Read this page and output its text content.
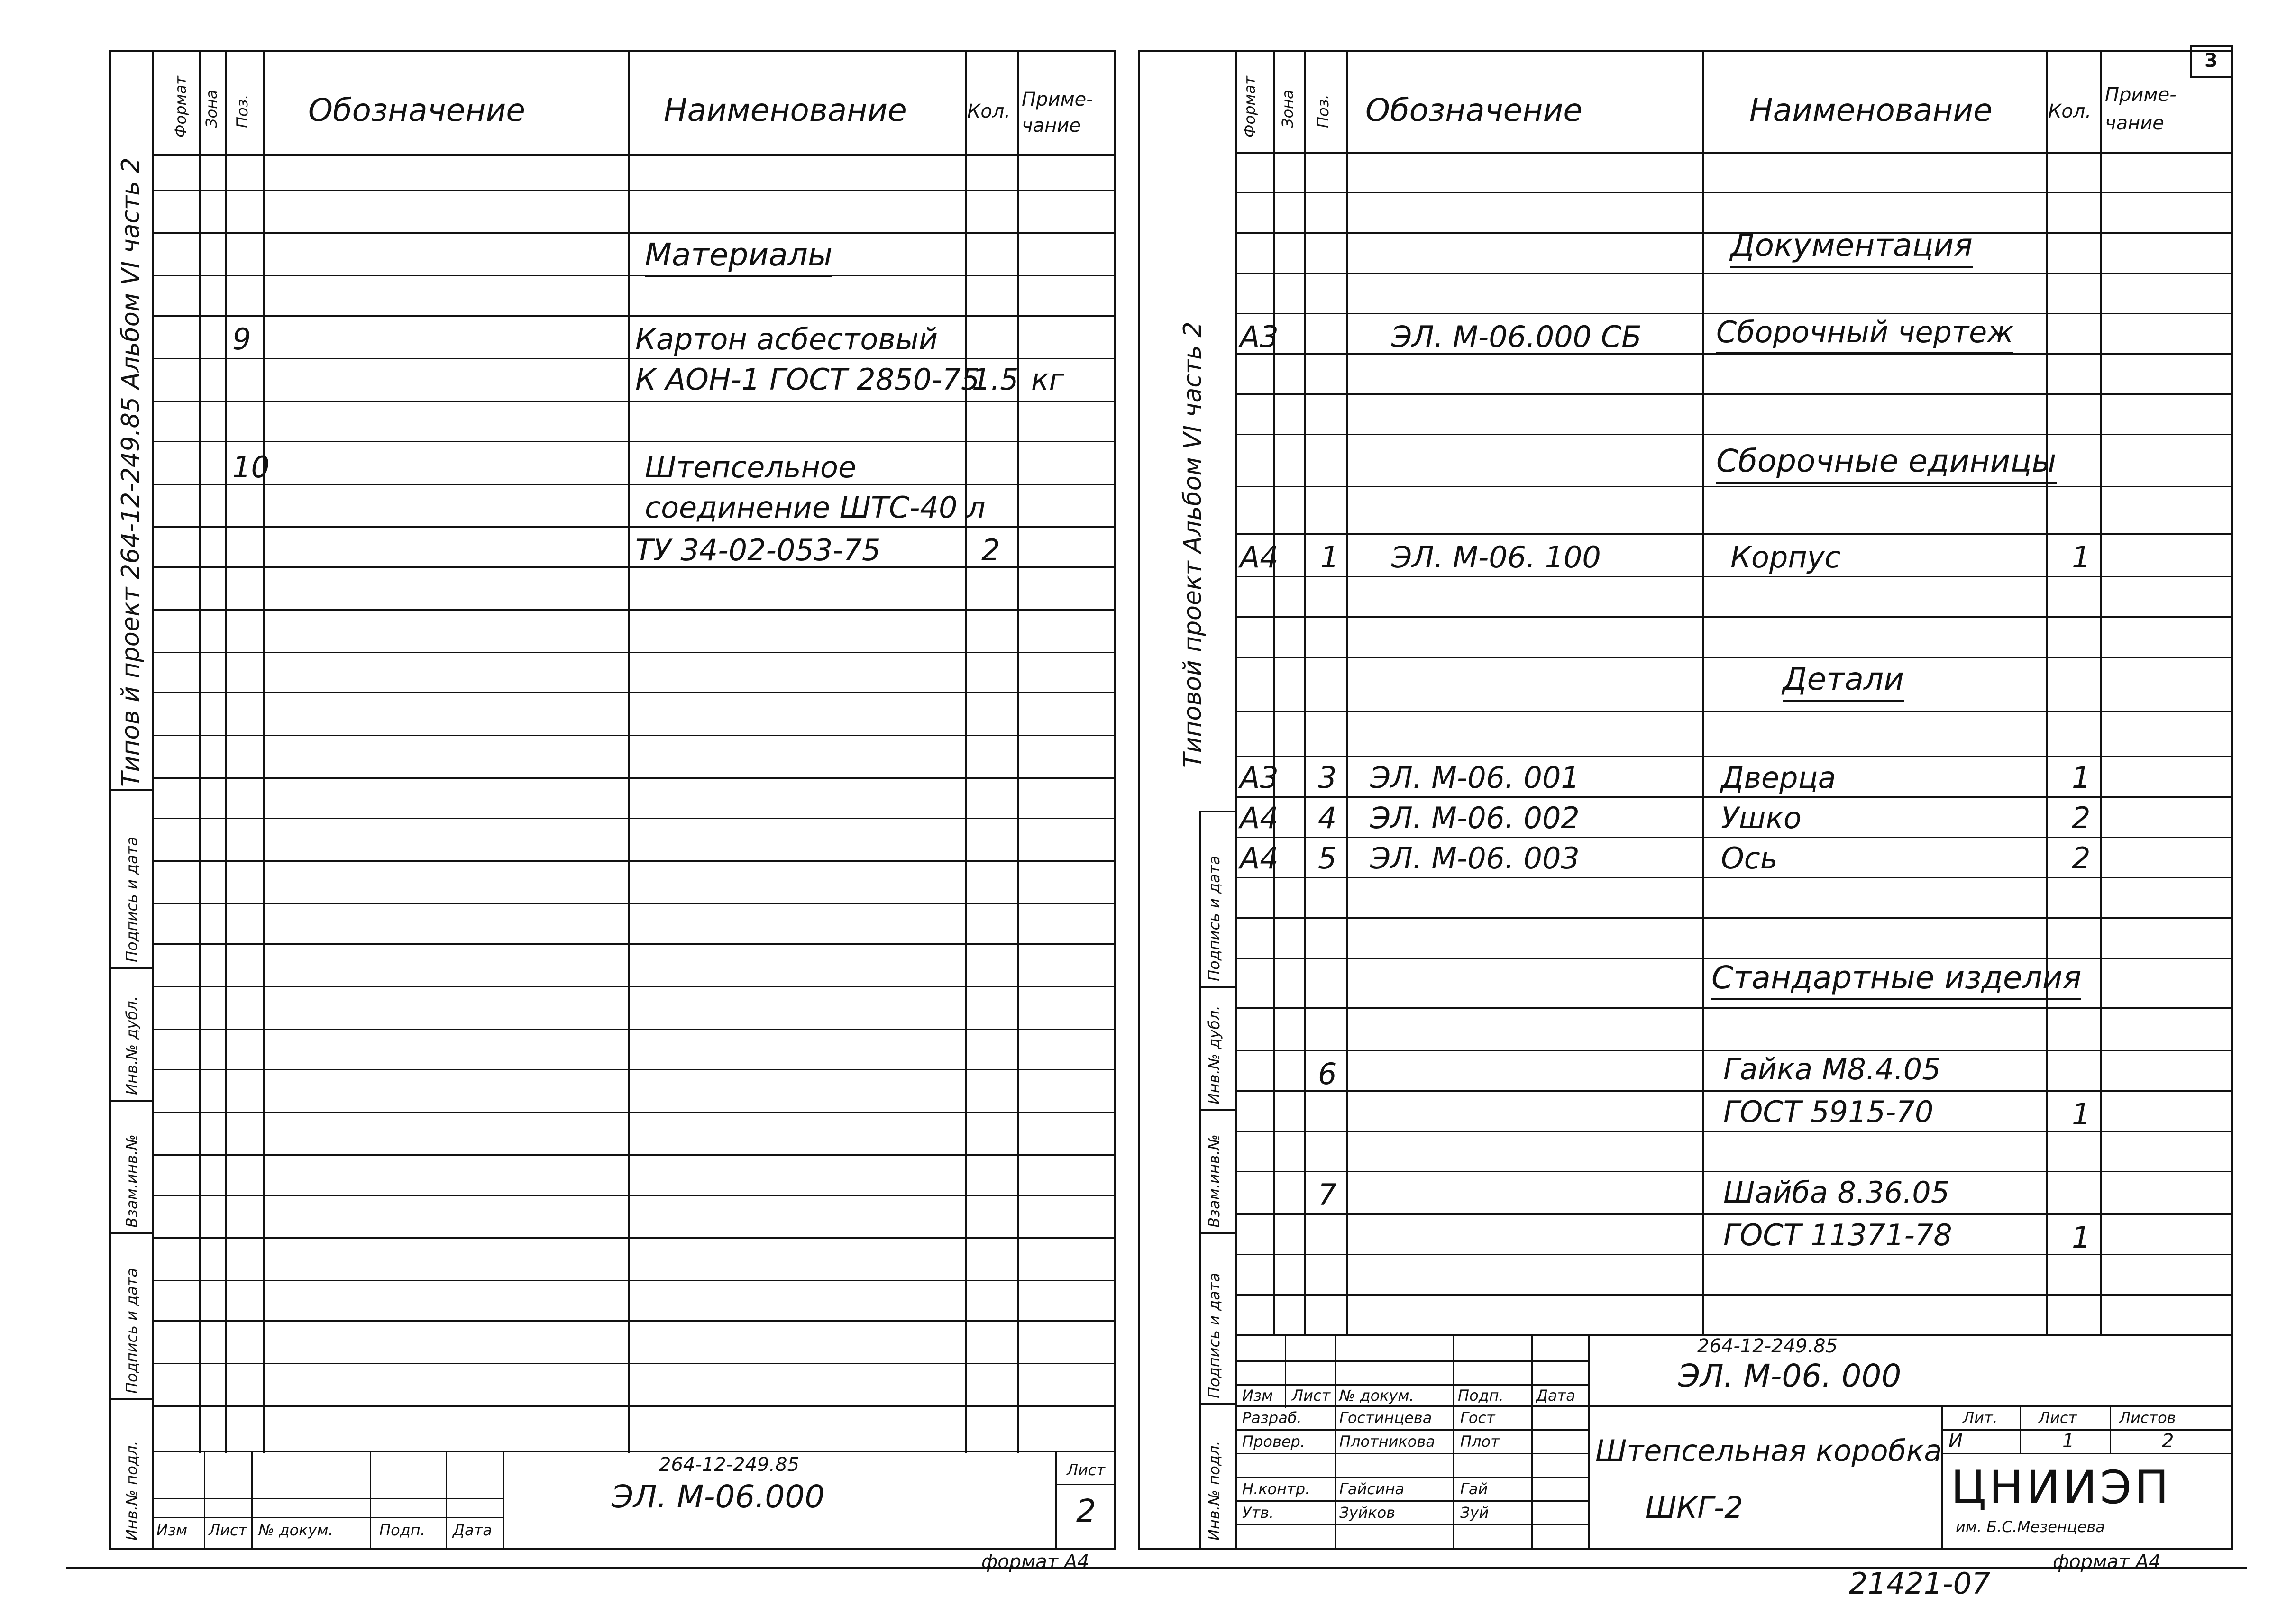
Типов й проект 264-12-249.85 Альбом VI часть 2
Подпись и дата
Инв.№ дубл.
Взам.инв.№
Подпись и дата
Инв.№ подл.
Формат Зона Поз. Обозначение	Наименование	Кол.
Приме-
чание
Материалы
9	Картон асбестовый
К АОН-1 ГОСТ 2850-75
1.5 кг
10	Штепсельное
соединение ШТС-40 л
ТУ 34-02-053-75	2
Изм Лист № докум.	Подп. Дата
264-12-249.85
ЭЛ. М-06.000
Лист
2
3
Типовой проект Альбом VI часть 2
Подпись и дата
Инв.№ дубл.
Взам.инв.№
Подпись и дата
Инв.№ подл.
Формат Зона Поз. Обозначение	Наименование	Кол.
Приме-
чание
Документация
А3	ЭЛ. М-06.000 СБ	Сборочный чертеж
Сборочные единицы
А4 1 ЭЛ. М-06. 100	Корпус	1
Детали
А3 3 ЭЛ. М-06. 001	Дверца	1
А4 4 ЭЛ. М-06. 002	Ушко	2
А4 5 ЭЛ. М-06. 003	Ось	2
Стандартные изделия
6	Гайка М8.4.05
ГОСТ 5915-70	1
7	Шайба 8.36.05
ГОСТ 11371-78	1
Изм Лист № докум.	Подп. Дата
Разраб. Гостинцева Гост
Провер. Плотникова Плот
Н.контр. Гайсина	Гай
Утв.	Зуйков	Зуй
264-12-249.85
ЭЛ. М-06. 000
Штепсельная коробка
ШКГ-2
Лит.	Лист	Листов
И	1	2
ЦНИИЭП
им. Б.С.Мезенцева
формат А4	формат А4
21421-07
